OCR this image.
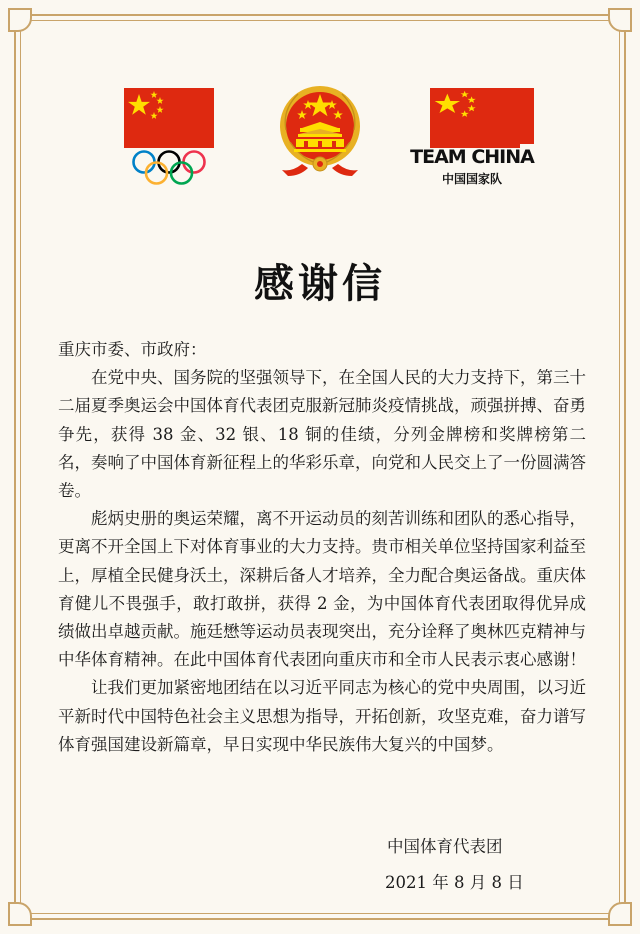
TEAM CHINA
中国国家队
感谢信

重庆市委、市政府：

在党中央、国务院的坚强领导下，在全国人民的大力支持下，第三十二届夏季奥运会中国体育代表团克服新冠肺炎疫情挑战，顽强拼搏、奋勇争先，获得 38 金、32 银、18 铜的佳绩，分列金牌榜和奖牌榜第二名，奏响了中国体育新征程上的华彩乐章，向党和人民交上了一份圆满答卷。

彪炳史册的奥运荣耀，离不开运动员的刻苦训练和团队的悉心指导，更离不开全国上下对体育事业的大力支持。贵市相关单位坚持国家利益至上，厚植全民健身沃土，深耕后备人才培养，全力配合奥运备战。重庆体育健儿不畏强手，敢打敢拼，获得 2 金，为中国体育代表团取得优异成绩做出卓越贡献。施廷懋等运动员表现突出，充分诠释了奥林匹克精神与中华体育精神。在此中国体育代表团向重庆市和全市人民表示衷心感谢！

让我们更加紧密地团结在以习近平同志为核心的党中央周围，以习近平新时代中国特色社会主义思想为指导，开拓创新，攻坚克难，奋力谱写体育强国建设新篇章，早日实现中华民族伟大复兴的中国梦。

中国体育代表团
2021 年 8 月 8 日
